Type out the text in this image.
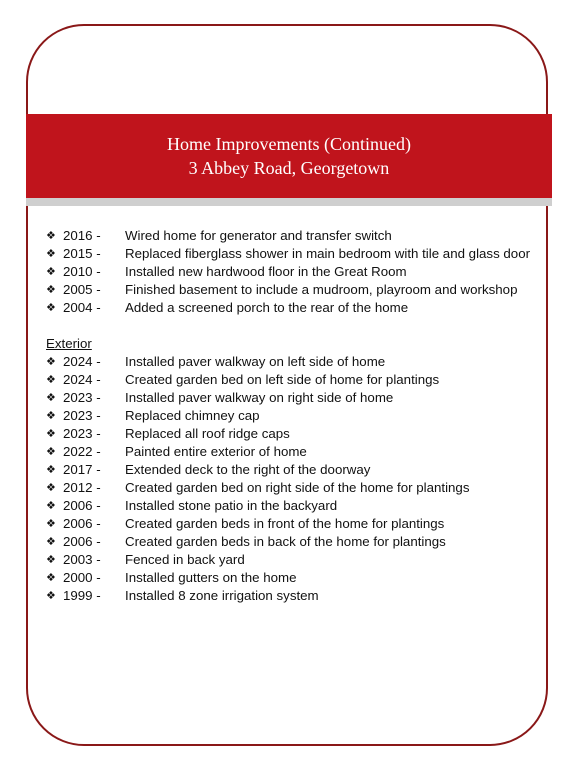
Home Improvements (Continued)
3 Abbey Road, Georgetown
❖ 2016 -	Wired home for generator and transfer switch
❖ 2015 -	Replaced fiberglass shower in main bedroom with tile and glass door
❖ 2010 -	Installed new hardwood floor in the Great Room
❖ 2005 -	Finished basement to include a mudroom, playroom and workshop
❖ 2004 -	Added a screened porch to the rear of the home
Exterior
❖ 2024 -	Installed paver walkway on left side of home
❖ 2024 -	Created garden bed on left side of home for plantings
❖ 2023 -	Installed paver walkway on right side of home
❖ 2023 -	Replaced chimney cap
❖ 2023 -	Replaced all roof ridge caps
❖ 2022 -	Painted entire exterior of home
❖ 2017 -	Extended deck to the right of the doorway
❖ 2012 -	Created garden bed on right side of the home for plantings
❖ 2006 -	Installed stone patio in the backyard
❖ 2006 -	Created garden beds in front of the home for plantings
❖ 2006 -	Created garden beds in back of the home for plantings
❖ 2003 -	Fenced in back yard
❖ 2000 -	Installed gutters on the home
❖ 1999 -	Installed 8 zone irrigation system
